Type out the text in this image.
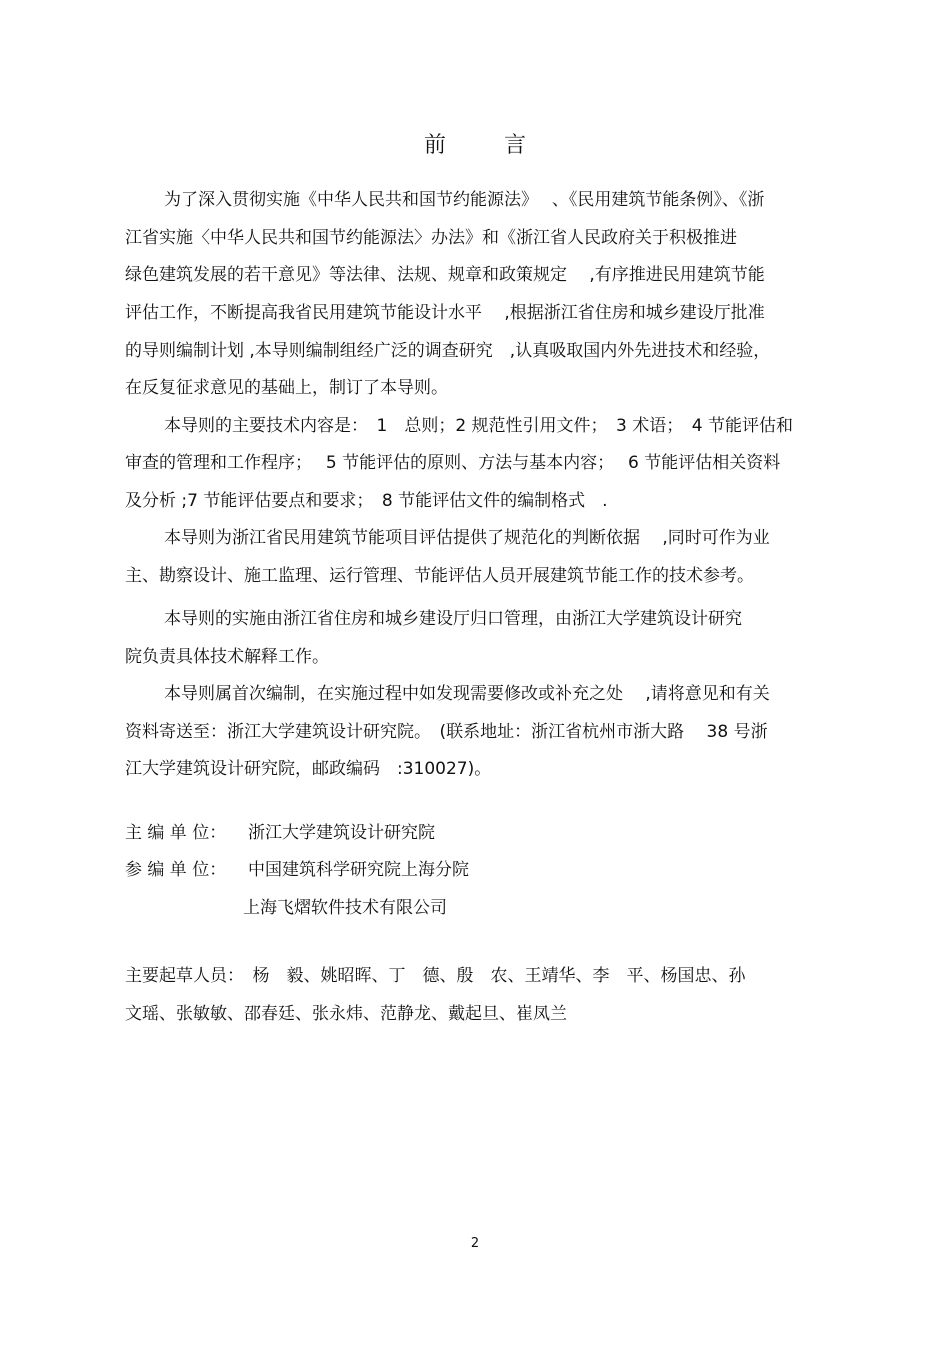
前	言
为了深入贯彻实施《中华人民共和国节约能源法》　 、《民用建筑节能条例》、《浙
江省实施〈中华人民共和国节约能源法〉办法》和《浙江省人民政府关于积极推进
绿色建筑发展的若干意见》等法律、法规、规章和政策规定　 ,有序推进民用建筑节能
评估工作，不断提高我省民用建筑节能设计水平　 ,根据浙江省住房和城乡建设厅批准
的导则编制计划 ,本导则编制组经广泛的调查研究　,认真吸取国内外先进技术和经验，
在反复征求意见的基础上，制订了本导则。
本导则的主要技术内容是：　1　总则；2 规范性引用文件；　3 术语；　4 节能评估和
审查的管理和工作程序；　 5 节能评估的原则、方法与基本内容；　 6 节能评估相关资料
及分析 ;7 节能评估要点和要求；　8 节能评估文件的编制格式　.
本导则为浙江省民用建筑节能项目评估提供了规范化的判断依据　 ,同时可作为业
主、勘察设计、施工监理、运行管理、节能评估人员开展建筑节能工作的技术参考。
本导则的实施由浙江省住房和城乡建设厅归口管理，由浙江大学建筑设计研究
院负责具体技术解释工作。
本导则属首次编制，在实施过程中如发现需要修改或补充之处　 ,请将意见和有关
资料寄送至：浙江大学建筑设计研究院。　(联系地址：浙江省杭州市浙大路　 38 号浙
江大学建筑设计研究院，邮政编码　:310027)。
主 编 单 位： 浙江大学建筑设计研究院
参 编 单 位： 中国建筑科学研究院上海分院
上海飞熠软件技术有限公司
主要起草人员：　杨　毅、姚昭晖、丁　德、殷　农、王靖华、李　平、杨国忠、孙
文瑶、张敏敏、邵春廷、张永炜、范静龙、戴起旦、崔凤兰
2
